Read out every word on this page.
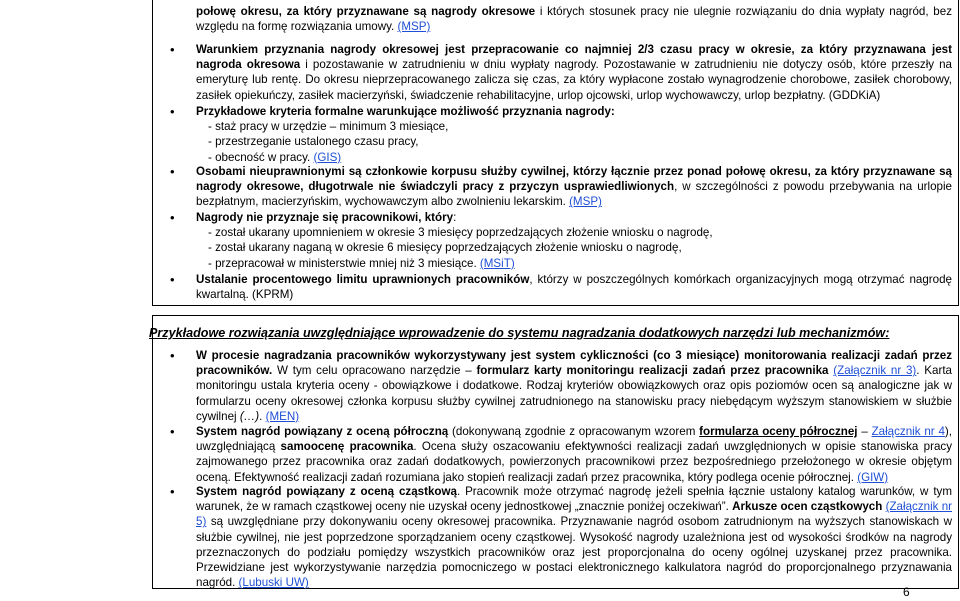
połowę okresu, za który przyznawane są nagrody okresowe i których stosunek pracy nie ulegnie rozwiązaniu do dnia wypłaty nagród, bez względu na formę rozwiązania umowy. (MSP)
• Warunkiem przyznania nagrody okresowej jest przepracowanie co najmniej 2/3 czasu pracy w okresie, za który przyznawana jest nagroda okresowa i pozostawanie w zatrudnieniu w dniu wypłaty nagrody. Pozostawanie w zatrudnieniu nie dotyczy osób, które przeszły na emeryturę lub rentę. Do okresu nieprzepracowanego zalicza się czas, za który wypłacone zostało wynagrodzenie chorobowe, zasiłek chorobowy, zasiłek opiekuńczy, zasiłek macierzyński, świadczenie rehabilitacyjne, urlop ojcowski, urlop wychowawczy, urlop bezpłatny. (GDDKiA)
• Przykładowe kryteria formalne warunkujące możliwość przyznania nagrody:

- staż pracy w urzędzie – minimum 3 miesiące,

- przestrzeganie ustalonego czasu pracy,

- obecność w pracy. (GIS)

• Osobami nieuprawnionymi są członkowie korpusu służby cywilnej, którzy łącznie przez ponad połowę okresu, za który przyznawane są nagrody okresowe, długotrwale nie świadczyli pracy z przyczyn usprawiedliwionych, w szczególności z powodu przebywania na urlopie bezpłatnym, macierzyńskim, wychowawczym albo zwolnieniu lekarskim. (MSP)
• Nagrody nie przyznaje się pracownikowi, który:

- został ukarany upomnieniem w okresie 3 miesięcy poprzedzających złożenie wniosku o nagrodę,

- został ukarany naganą w okresie 6 miesięcy poprzedzających złożenie wniosku o nagrodę,

- przepracował w ministerstwie mniej niż 3 miesiące. (MSiT)

• Ustalanie procentowego limitu uprawnionych pracowników, którzy w poszczególnych komórkach organizacyjnych mogą otrzymać nagrodę kwartalną. (KPRM)
Przykładowe rozwiązania uwzględniające wprowadzenie do systemu nagradzania dodatkowych narzędzi lub mechanizmów:
• W procesie nagradzania pracowników wykorzystywany jest system cykliczności (co 3 miesiące) monitorowania realizacji zadań przez pracowników. W tym celu opracowano narzędzie – formularz karty monitoringu realizacji zadań przez pracownika (Załącznik nr 3). Karta monitoringu ustala kryteria oceny - obowiązkowe i dodatkowe. Rodzaj kryteriów obowiązkowych oraz opis poziomów ocen są analogiczne jak w formularzu oceny okresowej członka korpusu służby cywilnej zatrudnionego na stanowisku pracy niebędącym wyższym stanowiskiem w służbie cywilnej (…). (MEN)
• System nagród powiązany z oceną półroczną (dokonywaną zgodnie z opracowanym wzorem formularza oceny półrocznej – Załącznik nr 4), uwzględniającą samoocenę pracownika. Ocena służy oszacowaniu efektywności realizacji zadań uwzględnionych w opisie stanowiska pracy zajmowanego przez pracownika oraz zadań dodatkowych, powierzonych pracownikowi przez bezpośredniego przełożonego w okresie objętym oceną. Efektywność realizacji zadań rozumiana jako stopień realizacji zadań przez pracownika, który podlega ocenie półrocznej. (GIW)
• System nagród powiązany z oceną cząstkową. Pracownik może otrzymać nagrodę jeżeli spełnia łącznie ustalony katalog warunków, w tym warunek, że w ramach cząstkowej oceny nie uzyskał oceny jednostkowej „znacznie poniżej oczekiwań”. Arkusze ocen cząstkowych (Załącznik nr 5) są uwzględniane przy dokonywaniu oceny okresowej pracownika. Przyznawanie nagród osobom zatrudnionym na wyższych stanowiskach w służbie cywilnej, nie jest poprzedzone sporządzaniem oceny cząstkowej. Wysokość nagrody uzależniona jest od wysokości środków na nagrody przeznaczonych do podziału pomiędzy wszystkich pracowników oraz jest proporcjonalna do oceny ogólnej uzyskanej przez pracownika. Przewidziane jest wykorzystywanie narzędzia pomocniczego w postaci elektronicznego kalkulatora nagród do proporcjonalnego przyznawania nagród. (Lubuski UW)
6
